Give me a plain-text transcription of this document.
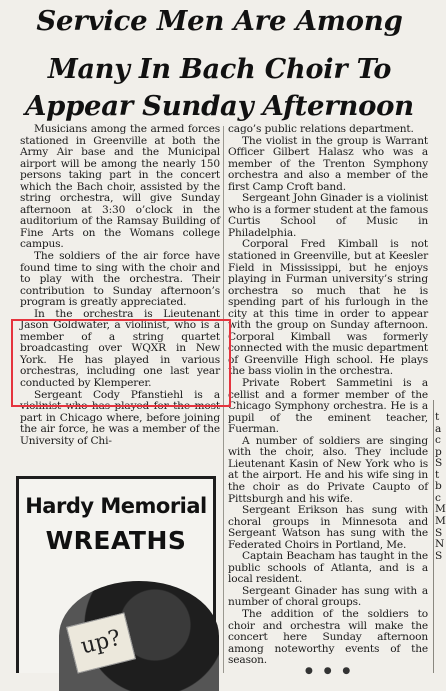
Service Men Are Among
Many In Bach Choir To
Appear Sunday Afternoon

Musicians among the armed forces stationed in Greenville at both the Army Air base and the Municipal airport will be among the nearly 150 persons taking part in the concert which the Bach choir, assisted by the string orchestra, will give Sunday afternoon at 3:30 o’clock in the auditorium of the Ramsay Building of Fine Arts on the Womans college campus.

The soldiers of the air force have found time to sing with the choir and to play with the orchestra. Their contribution to Sunday afternoon’s program is greatly appreciated.

In the orchestra is Lieutenant Jason Goldwater, a violinist, who is a member of a string quartet broadcasting over WQXR in New York. He has played in various orchestras, including one last year conducted by Klemperer.

Sergeant Cody Pfanstiehl is a violinist who has played for the most part in Chicago where, before joining the air force, he was a member of the University of Chi-

cago’s public relations department.

The violist in the group is Warrant Officer Gilbert Halasz who was a member of the Trenton Symphony orchestra and also a member of the first Camp Croft band.

Sergeant John Ginader is a violinist who is a former student at the famous Curtis School of Music in Philadelphia.

Corporal Fred Kimball is not stationed in Greenville, but at Keesler Field in Mississippi, but he enjoys playing in Furman university’s string orchestra so much that he is spending part of his furlough in the city at this time in order to appear with the group on Sunday afternoon. Corporal Kimball was formerly connected with the music department of Greenville High school. He plays the bass violin in the orchestra.

Private Robert Sammetini is a cellist and a former member of the Chicago Symphony orchestra. He is a pupil of the eminent teacher, Fuerman.

A number of soldiers are singing with the choir, also. They include Lieutenant Kasin of New York who is at the airport. He and his wife sing in the choir as do Private Caupto of Pittsburgh and his wife.

Sergeant Erikson has sung with choral groups in Minnesota and Sergeant Watson has sung with the Federated Choirs in Portland, Me.

Captain Beacham has taught in the public schools of Atlanta, and is a local resident.

Sergeant Ginader has sung with a number of choral groups.

The addition of the soldiers to choir and orchestra will make the concert here Sunday afternoon among noteworthy events of the season.

Hardy Memorial
WREATHS
up?
t
a
c
p
S
t
b
c
M
M
S
N
S
● ● ●
